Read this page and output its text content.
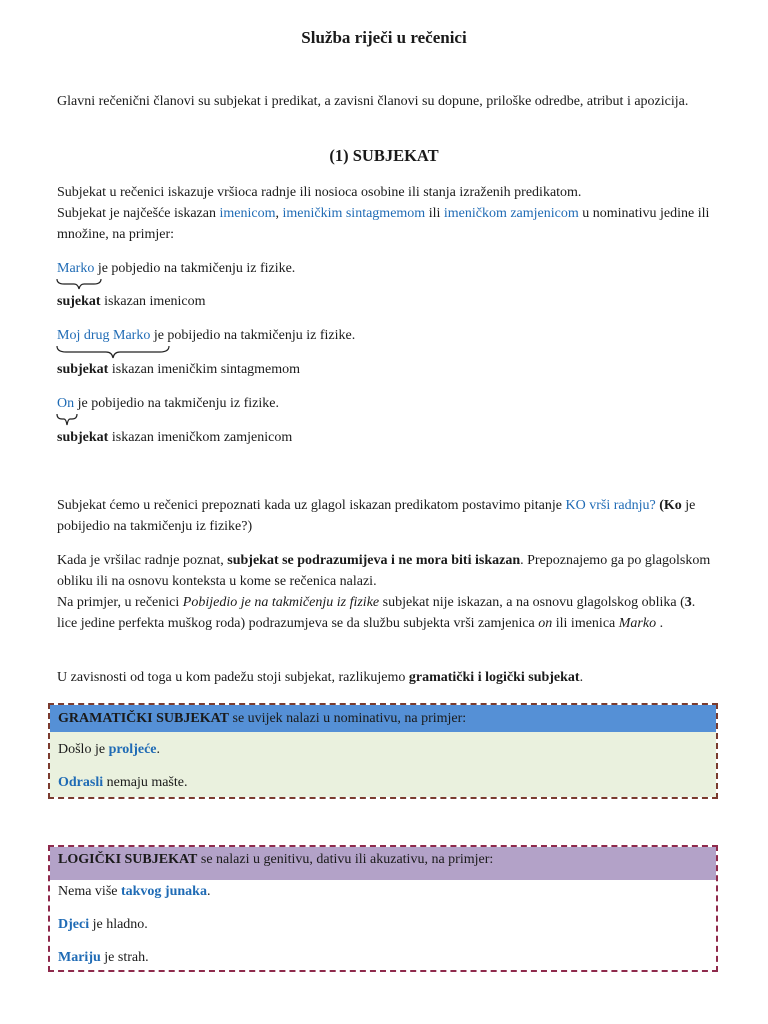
Služba riječi u rečenici
Glavni rečenični članovi su subjekat i predikat, a zavisni članovi su dopune, priloške odredbe, atribut i apozicija.
(1) SUBJEKAT
Subjekat u rečenici iskazuje vršioca radnje ili nosioca osobine ili stanja izraženih predikatom.
Subjekat je najčešće iskazan imenicom, imeničkim sintagmemom ili imeničkom zamjenicom u nominativu jedine ili množine, na primjer:
Marko je pobjedio na takmičenju iz fizike.
sujekat iskazan imenicom
Moj drug Marko je pobijedio na takmičenju iz fizike.
subjekat iskazan imeničkim sintagmemom
On je pobijedio na takmičenju iz fizike.
subjekat iskazan imeničkom zamjenicom
Subjekat ćemo u rečenici prepoznati kada uz glagol iskazan predikatom postavimo pitanje KO vrši radnju? (Ko je pobijedio na takmičenju iz fizike?)
Kada je vršilac radnje poznat, subjekat se podrazumijeva i ne mora biti iskazan. Prepoznajemo ga po glagolskom obliku ili na osnovu konteksta u kome se rečenica nalazi.
Na primjer, u rečenici Pobijedio je na takmičenju iz fizike subjekat nije iskazan, a na osnovu glagolskog oblika (3. lice jedine perfekta muškog roda) podrazumjeva se da službu subjekta vrši zamjenica on ili imenica Marko .
U zavisnosti od toga u kom padežu stoji subjekat, razlikujemo gramatički i logički subjekat.
GRAMATIČKI SUBJEKAT se uvijek nalazi u nominativu, na primjer:
Došlo je proljeće.
Odrasli nemaju mašte.
LOGIČKI SUBJEKAT se nalazi u genitivu, dativu ili akuzativu, na primjer:
Nema više takvog junaka.
Djeci je hladno.
Mariju je strah.
